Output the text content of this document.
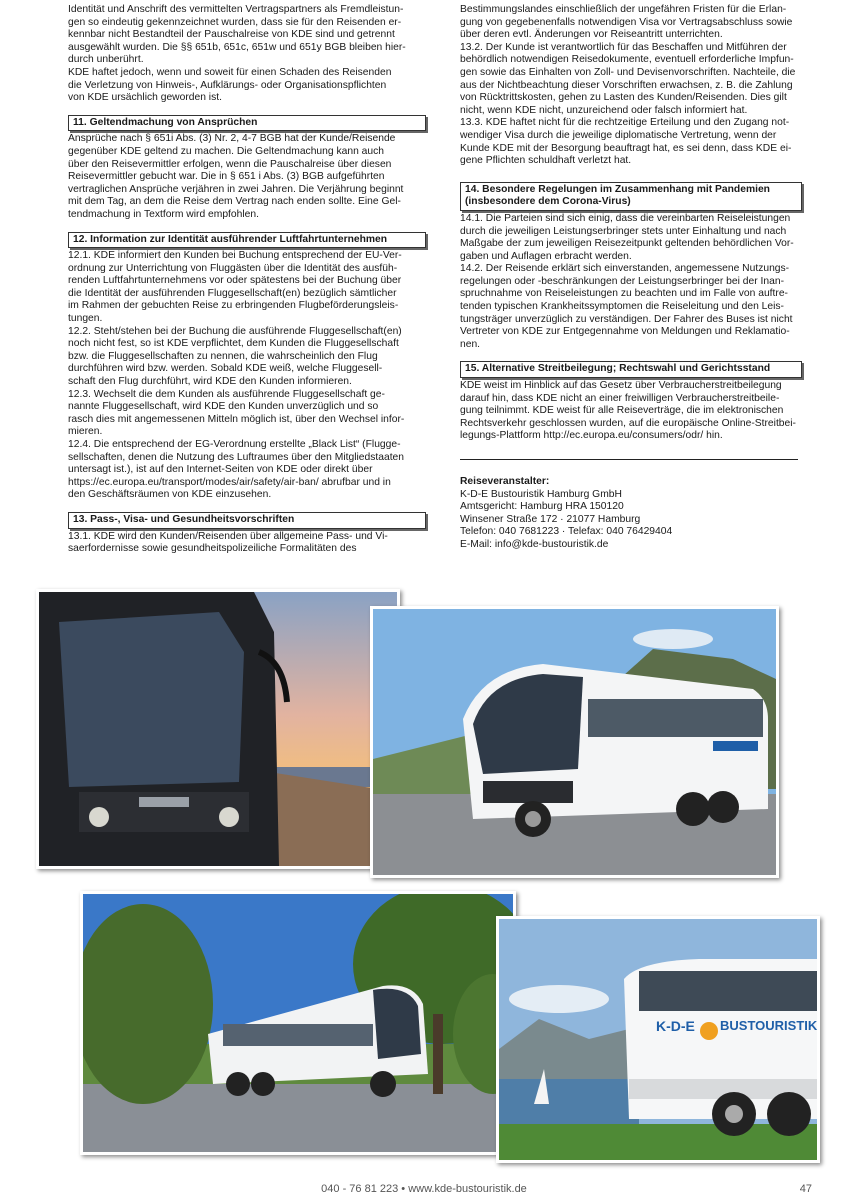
Identität und Anschrift des vermittelten Vertragspartners als Fremdleistun-
gen so eindeutig gekennzeichnet wurden, dass sie für den Reisenden er-
kennbar nicht Bestandteil der Pauschalreise von KDE sind und getrennt
ausgewählt wurden. Die §§ 651b, 651c, 651w und 651y BGB bleiben hier-
durch unberührt.
KDE haftet jedoch, wenn und soweit für einen Schaden des Reisenden
die Verletzung von Hinweis-, Aufklärungs- oder Organisationspflichten
von KDE ursächlich geworden ist.

11. Geltendmachung von Ansprüchen

Ansprüche nach § 651i Abs. (3) Nr. 2, 4-7 BGB hat der Kunde/Reisende
gegenüber KDE geltend zu machen. Die Geltendmachung kann auch
über den Reisevermittler erfolgen, wenn die Pauschalreise über diesen
Reisevermittler gebucht war. Die in § 651 i Abs. (3) BGB aufgeführten
vertraglichen Ansprüche verjähren in zwei Jahren. Die Verjährung beginnt
mit dem Tag, an dem die Reise dem Vertrag nach enden sollte. Eine Gel-
tendmachung in Textform wird empfohlen.

12. Information zur Identität ausführender Luftfahrtunternehmen

12.1. KDE informiert den Kunden bei Buchung entsprechend der EU-Ver-
ordnung zur Unterrichtung von Fluggästen über die Identität des ausfüh-
renden Luftfahrtunternehmens vor oder spätestens bei der Buchung über
die Identität der ausführenden Fluggesellschaft(en) bezüglich sämtlicher
im Rahmen der gebuchten Reise zu erbringenden Flugbeförderungsleis-
tungen.
12.2. Steht/stehen bei der Buchung die ausführende Fluggesellschaft(en)
noch nicht fest, so ist KDE verpflichtet, dem Kunden die Fluggesellschaft
bzw. die Fluggesellschaften zu nennen, die wahrscheinlich den Flug
durchführen wird bzw. werden. Sobald KDE weiß, welche Fluggesell-
schaft den Flug durchführt, wird KDE den Kunden informieren.
12.3. Wechselt die dem Kunden als ausführende Fluggesellschaft ge-
nannte Fluggesellschaft, wird KDE den Kunden unverzüglich und so
rasch dies mit angemessenen Mitteln möglich ist, über den Wechsel infor-
mieren.
12.4. Die entsprechend der EG-Verordnung erstellte „Black List“ (Flugge-
sellschaften, denen die Nutzung des Luftraumes über den Mitgliedstaaten
untersagt ist.), ist auf den Internet-Seiten von KDE oder direkt über
https://ec.europa.eu/transport/modes/air/safety/air-ban/ abrufbar und in
den Geschäftsräumen von KDE einzusehen.

13. Pass-, Visa- und Gesundheitsvorschriften

13.1. KDE wird den Kunden/Reisenden über allgemeine Pass- und Vi-
saerfordernisse sowie gesundheitspolizeiliche Formalitäten des

Bestimmungslandes einschließlich der ungefähren Fristen für die Erlan-
gung von gegebenenfalls notwendigen Visa vor Vertragsabschluss sowie
über deren evtl. Änderungen vor Reiseantritt unterrichten.
13.2. Der Kunde ist verantwortlich für das Beschaffen und Mitführen der
behördlich notwendigen Reisedokumente, eventuell erforderliche Impfun-
gen sowie das Einhalten von Zoll- und Devisenvorschriften. Nachteile, die
aus der Nichtbeachtung dieser Vorschriften erwachsen, z. B. die Zahlung
von Rücktrittskosten, gehen zu Lasten des Kunden/Reisenden. Dies gilt
nicht, wenn KDE nicht, unzureichend oder falsch informiert hat.
13.3. KDE haftet nicht für die rechtzeitige Erteilung und den Zugang not-
wendiger Visa durch die jeweilige diplomatische Vertretung, wenn der
Kunde KDE mit der Besorgung beauftragt hat, es sei denn, dass KDE ei-
gene Pflichten schuldhaft verletzt hat.

14. Besondere Regelungen im Zusammenhang mit Pandemien
(insbesondere dem Corona-Virus)

14.1. Die Parteien sind sich einig, dass die vereinbarten Reiseleistungen
durch die jeweiligen Leistungserbringer stets unter Einhaltung und nach
Maßgabe der zum jeweiligen Reisezeitpunkt geltenden behördlichen Vor-
gaben und Auflagen erbracht werden.
14.2. Der Reisende erklärt sich einverstanden, angemessene Nutzungs-
regelungen oder -beschränkungen der Leistungserbringer bei der Inan-
spruchnahme von Reiseleistungen zu beachten und im Falle von auftre-
tenden typischen Krankheitssymptomen die Reiseleitung und den Leis-
tungsträger unverzüglich zu verständigen. Der Fahrer des Buses ist nicht
Vertreter von KDE zur Entgegennahme von Meldungen und Reklamatio-
nen.

15. Alternative Streitbeilegung; Rechtswahl und Gerichtsstand

KDE weist im Hinblick auf das Gesetz über Verbraucherstreitbeilegung
darauf hin, dass KDE nicht an einer freiwilligen Verbraucherstreitbeile-
gung teilnimmt. KDE weist für alle Reiseverträge, die im elektronischen
Rechtsverkehr geschlossen wurden, auf die europäische Online-Streitbei-
legungs-Plattform http://ec.europa.eu/consumers/odr/ hin.

Reiseveranstalter:

K-D-E Bustouristik Hamburg GmbH

Amtsgericht: Hamburg HRA 150120

Winsener Straße 172 · 21077 Hamburg

Telefon: 040 7681223 · Telefax: 040 76429404

E-Mail: info@kde-bustouristik.de

K-D-E BUSTOURISTIK
040 - 76 81 223 • www.kde-bustouristik.de	47
